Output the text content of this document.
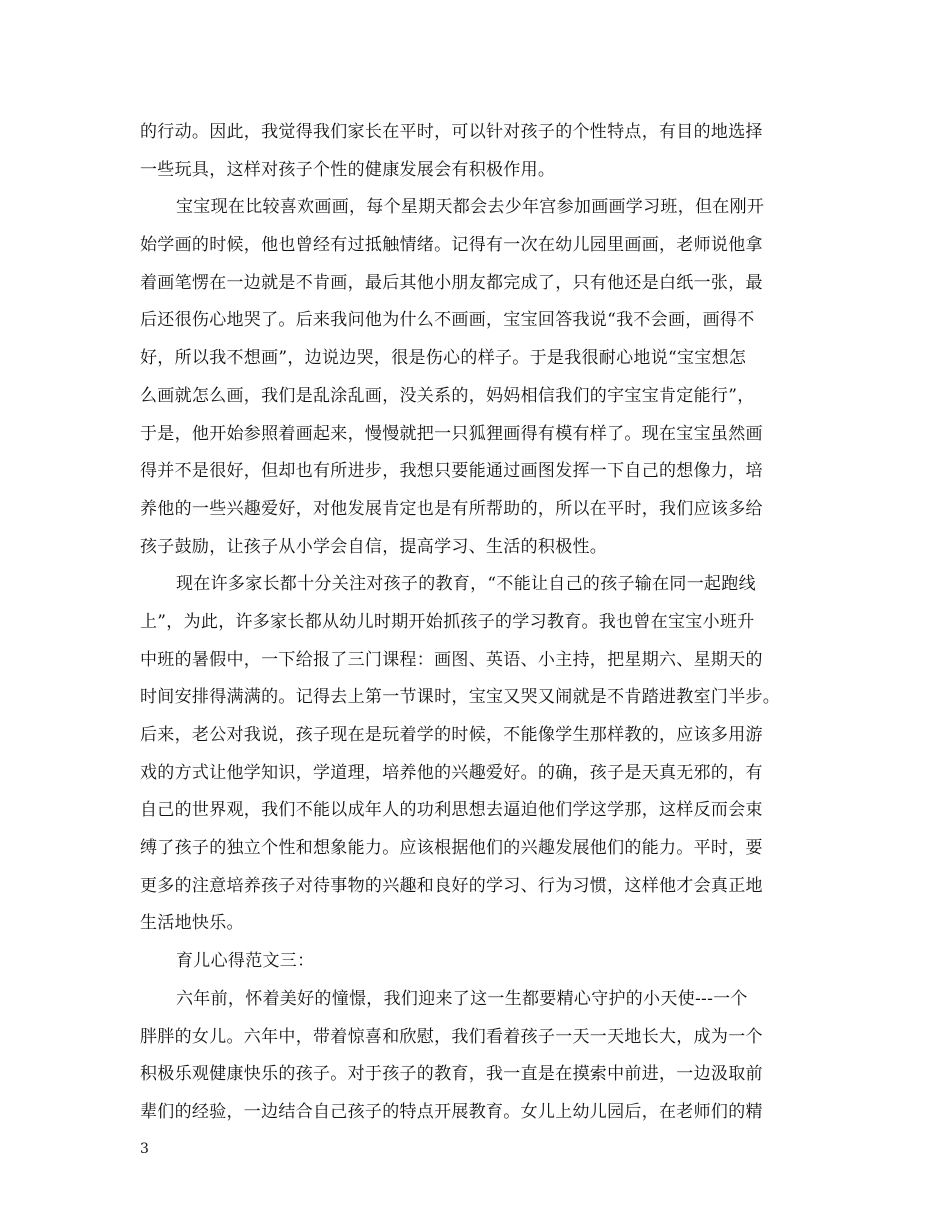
的行动。因此，我觉得我们家长在平时，可以针对孩子的个性特点，有目的地选择
一些玩具，这样对孩子个性的健康发展会有积极作用。
宝宝现在比较喜欢画画，每个星期天都会去少年宫参加画画学习班，但在刚开
始学画的时候，他也曾经有过抵触情绪。记得有一次在幼儿园里画画，老师说他拿
着画笔愣在一边就是不肯画，最后其他小朋友都完成了，只有他还是白纸一张，最
后还很伤心地哭了。后来我问他为什么不画画，宝宝回答我说“我不会画，画得不
好，所以我不想画”，边说边哭，很是伤心的样子。于是我很耐心地说“宝宝想怎
么画就怎么画，我们是乱涂乱画，没关系的，妈妈相信我们的宇宝宝肯定能行”，
于是，他开始参照着画起来，慢慢就把一只狐狸画得有模有样了。现在宝宝虽然画
得并不是很好，但却也有所进步，我想只要能通过画图发挥一下自己的想像力，培
养他的一些兴趣爱好，对他发展肯定也是有所帮助的，所以在平时，我们应该多给
孩子鼓励，让孩子从小学会自信，提高学习、生活的积极性。
现在许多家长都十分关注对孩子的教育，“不能让自己的孩子输在同一起跑线
上”，为此，许多家长都从幼儿时期开始抓孩子的学习教育。我也曾在宝宝小班升
中班的暑假中，一下给报了三门课程：画图、英语、小主持，把星期六、星期天的
时间安排得满满的。记得去上第一节课时，宝宝又哭又闹就是不肯踏进教室门半步。
后来，老公对我说，孩子现在是玩着学的时候，不能像学生那样教的，应该多用游
戏的方式让他学知识，学道理，培养他的兴趣爱好。的确，孩子是天真无邪的，有
自己的世界观，我们不能以成年人的功利思想去逼迫他们学这学那，这样反而会束
缚了孩子的独立个性和想象能力。应该根据他们的兴趣发展他们的能力。平时，要
更多的注意培养孩子对待事物的兴趣和良好的学习、行为习惯，这样他才会真正地
生活地快乐。
育儿心得范文三：
六年前，怀着美好的憧憬，我们迎来了这一生都要精心守护的小天使---一个
胖胖的女儿。六年中，带着惊喜和欣慰，我们看着孩子一天一天地长大，成为一个
积极乐观健康快乐的孩子。对于孩子的教育，我一直是在摸索中前进，一边汲取前
辈们的经验，一边结合自己孩子的特点开展教育。女儿上幼儿园后，在老师们的精
3
